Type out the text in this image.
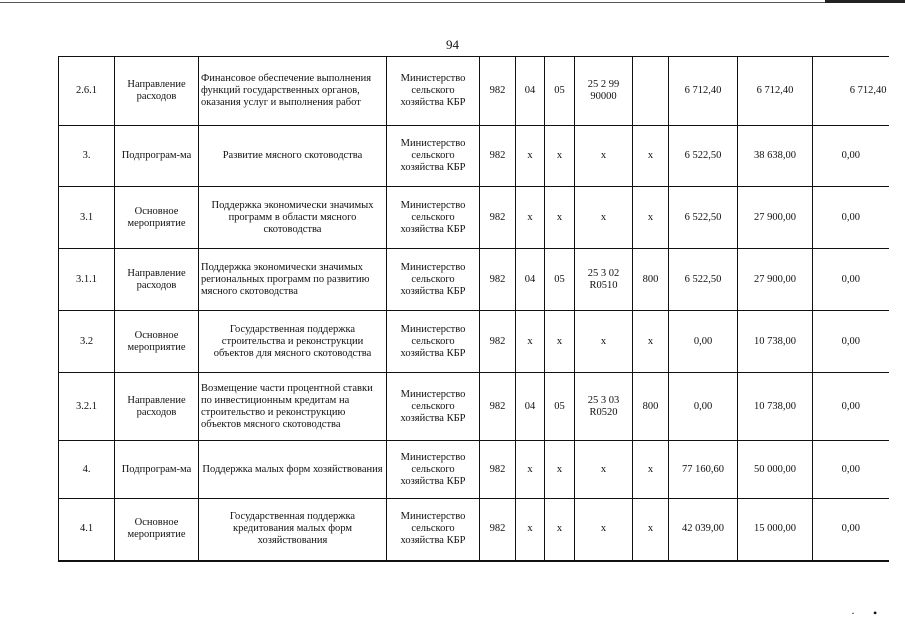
94
2.6.1	Направление расходов	Финансовое обеспечение выполнения функций государственных органов, оказания услуг и выполнения работ	Министерство сельского хозяйства КБР	982	04	05	25 2 99 90000		6 712,40	6 712,40	6 712,40
3.	Подпрограм-ма	Развитие мясного скотоводства	Министерство сельского хозяйства КБР	982	x	x	x	x	6 522,50	38 638,00	0,00
3.1	Основное мероприятие	Поддержка экономически значимых программ в области мясного скотоводства	Министерство сельского хозяйства КБР	982	x	x	x	x	6 522,50	27 900,00	0,00
3.1.1	Направление расходов	Поддержка экономически значимых региональных программ по развитию мясного скотоводства	Министерство сельского хозяйства КБР	982	04	05	25 3 02 R0510	800	6 522,50	27 900,00	0,00
3.2	Основное мероприятие	Государственная поддержка строительства и реконструкции объектов для мясного скотоводства	Министерство сельского хозяйства КБР	982	x	x	x	x	0,00	10 738,00	0,00
3.2.1	Направление расходов	Возмещение части процентной ставки по инвестиционным кредитам на строительство и реконструкцию объектов мясного скотоводства	Министерство сельского хозяйства КБР	982	04	05	25 3 03 R0520	800	0,00	10 738,00	0,00
4.	Подпрограм-ма	Поддержка малых форм хозяйствования	Министерство сельского хозяйства КБР	982	x	x	x	x	77 160,60	50 000,00	0,00
4.1	Основное мероприятие	Государственная поддержка кредитования малых форм хозяйствования	Министерство сельского хозяйства КБР	982	x	x	x	x	42 039,00	15 000,00	0,00
· •
